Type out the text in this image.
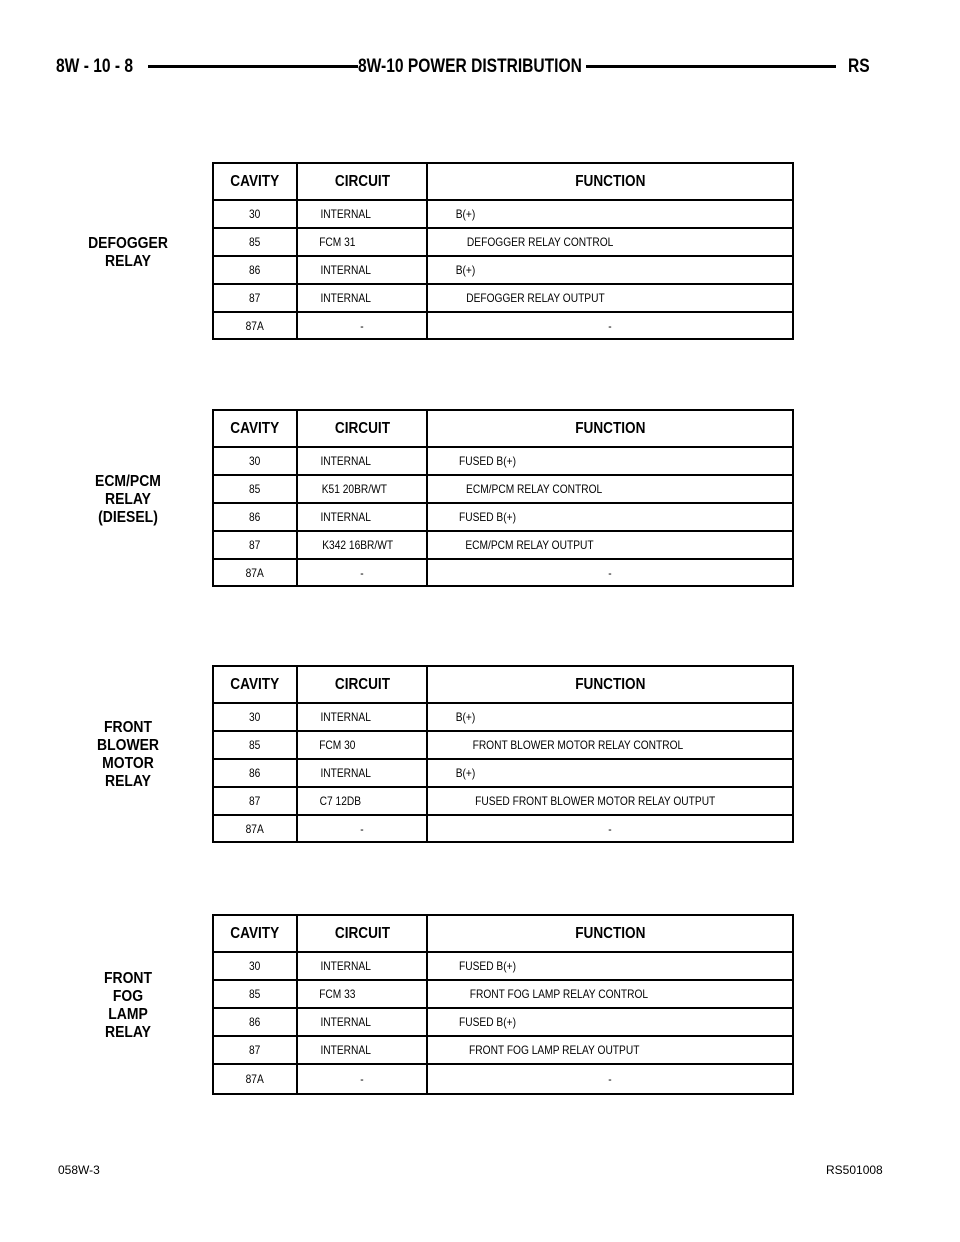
8W - 10 - 8	8W-10 POWER DISTRIBUTION	RS
DEFOGGER
RELAY
CAVITY	CIRCUIT	FUNCTION
30	INTERNAL	B(+)
85	FCM 31	DEFOGGER RELAY CONTROL
86	INTERNAL	B(+)
87	INTERNAL	DEFOGGER RELAY OUTPUT
87A	-	-
ECM/PCM
RELAY
(DIESEL)
CAVITY	CIRCUIT	FUNCTION
30	INTERNAL	FUSED B(+)
85	K51 20BR/WT	ECM/PCM RELAY CONTROL
86	INTERNAL	FUSED B(+)
87	K342 16BR/WT	ECM/PCM RELAY OUTPUT
87A	-	-
FRONT
BLOWER
MOTOR
RELAY
CAVITY	CIRCUIT	FUNCTION
30	INTERNAL	B(+)
85	FCM 30	FRONT BLOWER MOTOR RELAY CONTROL
86	INTERNAL	B(+)
87	C7 12DB	FUSED FRONT BLOWER MOTOR RELAY OUTPUT
87A	-	-
FRONT
FOG
LAMP
RELAY
CAVITY	CIRCUIT	FUNCTION
30	INTERNAL	FUSED B(+)
85	FCM 33	FRONT FOG LAMP RELAY CONTROL
86	INTERNAL	FUSED B(+)
87	INTERNAL	FRONT FOG LAMP RELAY OUTPUT
87A	-	-
058W-3	RS501008
